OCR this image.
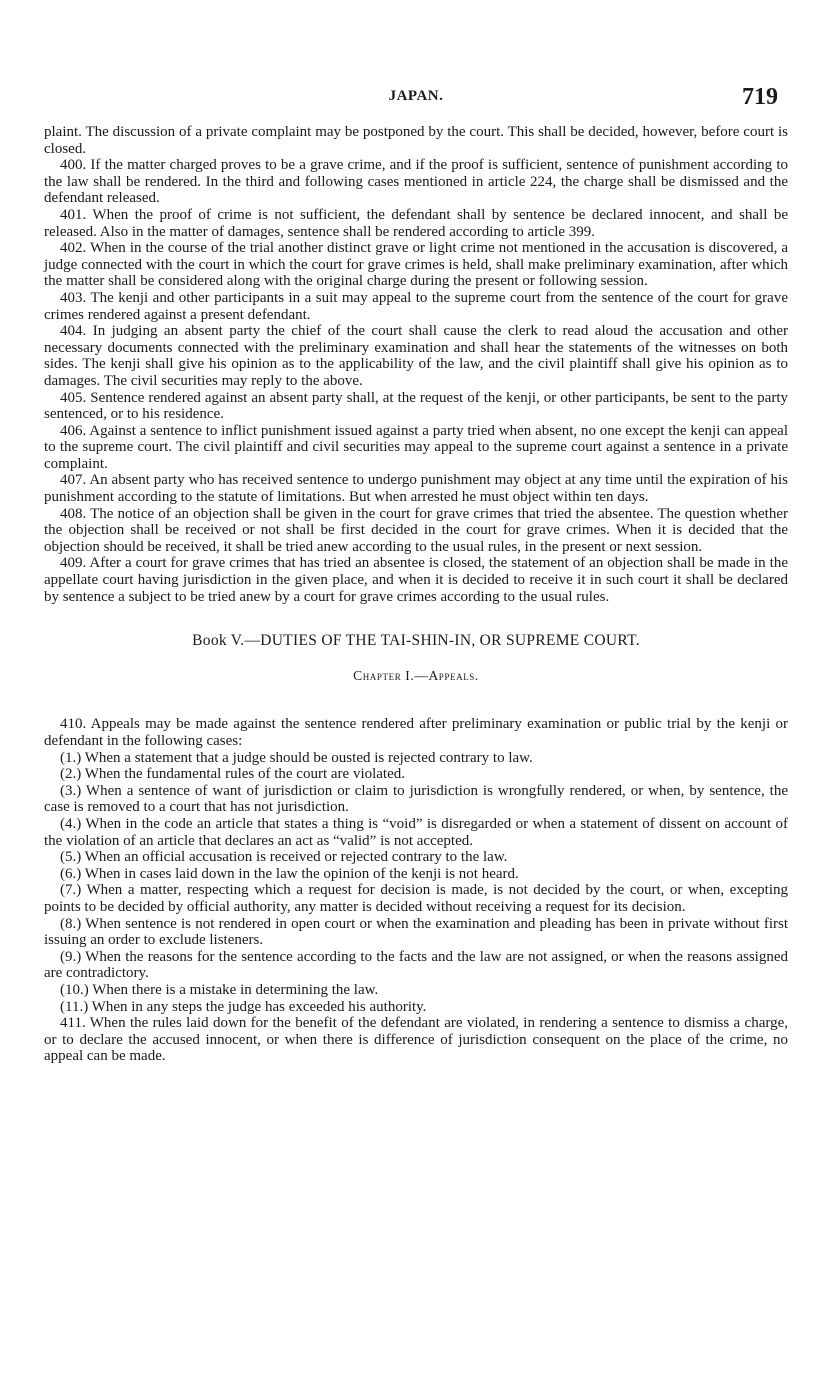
JAPAN.	719

plaint. The discussion of a private complaint may be postponed by the court. This shall be decided, however, before court is closed.

400. If the matter charged proves to be a grave crime, and if the proof is sufficient, sentence of punishment according to the law shall be rendered. In the third and following cases mentioned in article 224, the charge shall be dismissed and the defendant released.

401. When the proof of crime is not sufficient, the defendant shall by sentence be declared innocent, and shall be released. Also in the matter of damages, sentence shall be rendered according to article 399.

402. When in the course of the trial another distinct grave or light crime not mentioned in the accusation is discovered, a judge connected with the court in which the court for grave crimes is held, shall make preliminary examination, after which the matter shall be considered along with the original charge during the present or following session.

403. The kenji and other participants in a suit may appeal to the supreme court from the sentence of the court for grave crimes rendered against a present defendant.

404. In judging an absent party the chief of the court shall cause the clerk to read aloud the accusation and other necessary documents connected with the preliminary examination and shall hear the statements of the witnesses on both sides. The kenji shall give his opinion as to the applicability of the law, and the civil plaintiff shall give his opinion as to damages. The civil securities may reply to the above.

405. Sentence rendered against an absent party shall, at the request of the kenji, or other participants, be sent to the party sentenced, or to his residence.

406. Against a sentence to inflict punishment issued against a party tried when absent, no one except the kenji can appeal to the supreme court. The civil plaintiff and civil securities may appeal to the supreme court against a sentence in a private complaint.

407. An absent party who has received sentence to undergo punishment may object at any time until the expiration of his punishment according to the statute of limitations. But when arrested he must object within ten days.

408. The notice of an objection shall be given in the court for grave crimes that tried the absentee. The question whether the objection shall be received or not shall be first decided in the court for grave crimes. When it is decided that the objection should be received, it shall be tried anew according to the usual rules, in the present or next session.

409. After a court for grave crimes that has tried an absentee is closed, the statement of an objection shall be made in the appellate court having jurisdiction in the given place, and when it is decided to receive it in such court it shall be declared by sentence a subject to be tried anew by a court for grave crimes according to the usual rules.

Book V.—DUTIES OF THE TAI-SHIN-IN, OR SUPREME COURT.
Chapter I.—Appeals.

410. Appeals may be made against the sentence rendered after preliminary examination or public trial by the kenji or defendant in the following cases:

(1.) When a statement that a judge should be ousted is rejected contrary to law.

(2.) When the fundamental rules of the court are violated.

(3.) When a sentence of want of jurisdiction or claim to jurisdiction is wrongfully rendered, or when, by sentence, the case is removed to a court that has not jurisdiction.

(4.) When in the code an article that states a thing is “void” is disregarded or when a statement of dissent on account of the violation of an article that declares an act as “valid” is not accepted.

(5.) When an official accusation is received or rejected contrary to the law.

(6.) When in cases laid down in the law the opinion of the kenji is not heard.

(7.) When a matter, respecting which a request for decision is made, is not decided by the court, or when, excepting points to be decided by official authority, any matter is decided without receiving a request for its decision.

(8.) When sentence is not rendered in open court or when the examination and pleading has been in private without first issuing an order to exclude listeners.

(9.) When the reasons for the sentence according to the facts and the law are not assigned, or when the reasons assigned are contradictory.

(10.) When there is a mistake in determining the law.

(11.) When in any steps the judge has exceeded his authority.

411. When the rules laid down for the benefit of the defendant are violated, in rendering a sentence to dismiss a charge, or to declare the accused innocent, or when there is difference of jurisdiction consequent on the place of the crime, no appeal can be made.
